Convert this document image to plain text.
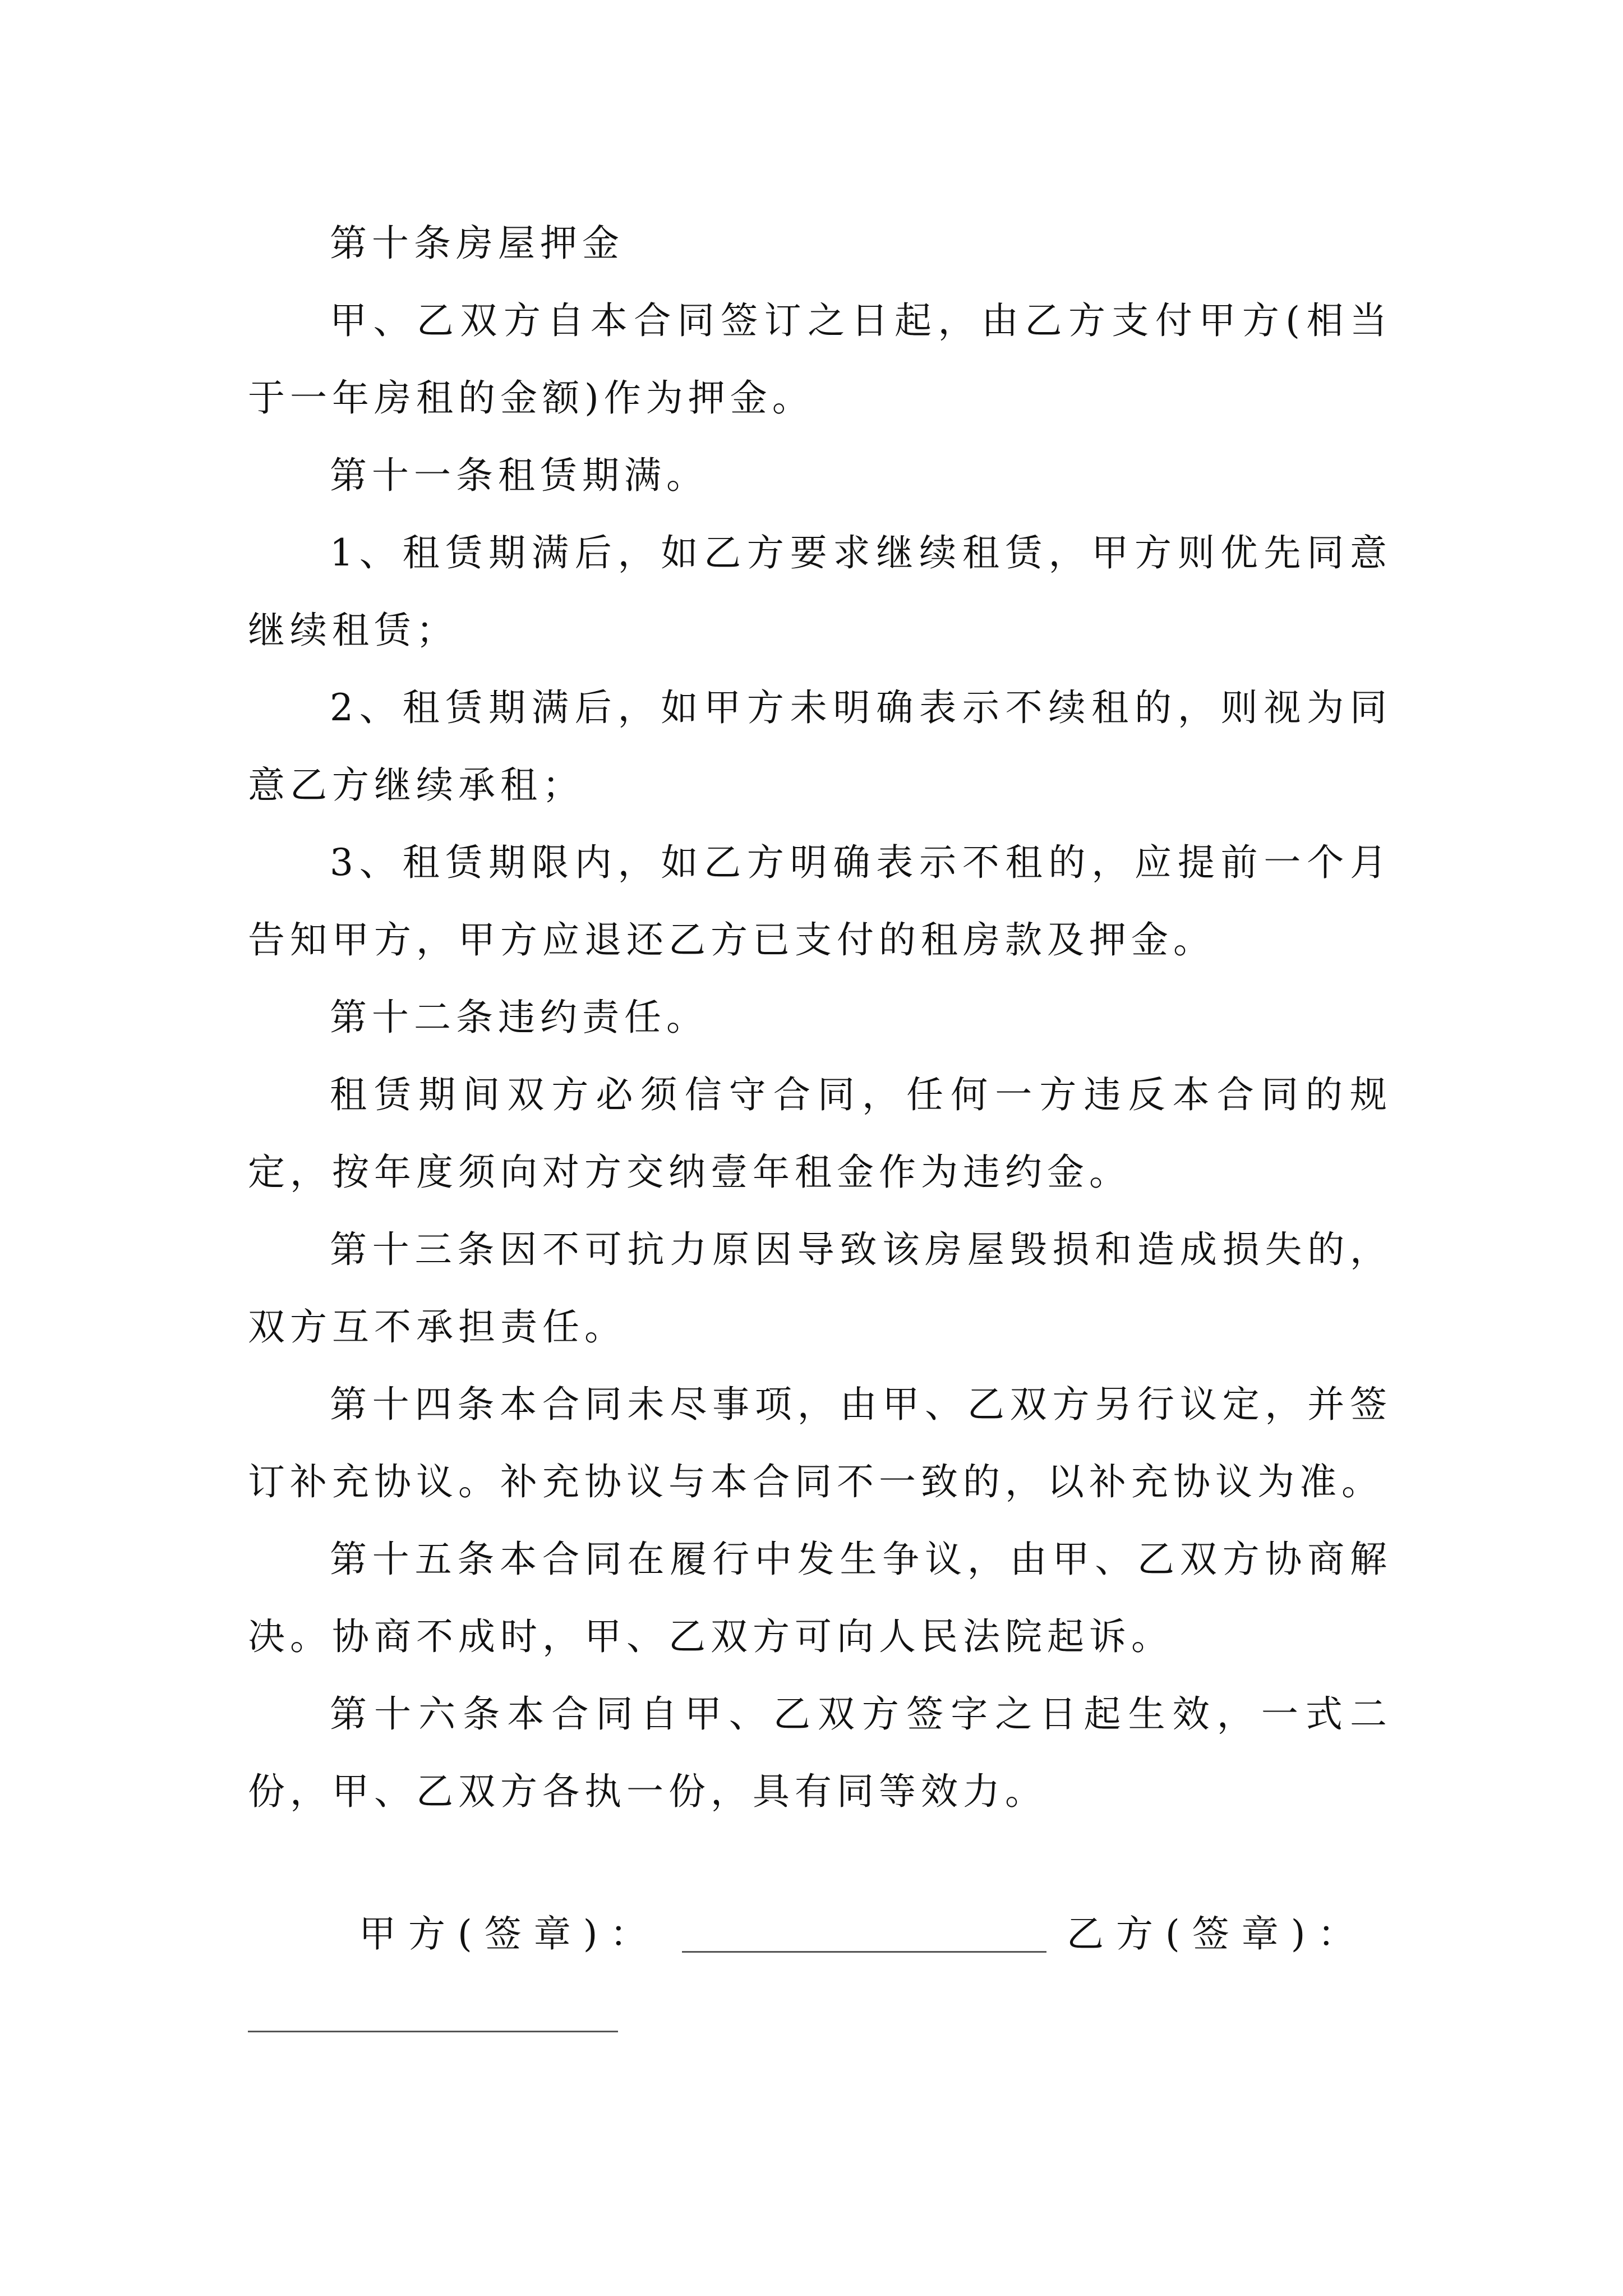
第十条房屋押金

甲、乙双方自本合同签订之日起，由乙方支付甲方(相当于一年房租的金额)作为押金。

第十一条租赁期满。

1、租赁期满后，如乙方要求继续租赁，甲方则优先同意继续租赁；

2、租赁期满后，如甲方未明确表示不续租的，则视为同意乙方继续承租；

3、租赁期限内，如乙方明确表示不租的，应提前一个月告知甲方，甲方应退还乙方已支付的租房款及押金。

第十二条违约责任。

租赁期间双方必须信守合同，任何一方违反本合同的规定，按年度须向对方交纳壹年租金作为违约金。

第十三条因不可抗力原因导致该房屋毁损和造成损失的，双方互不承担责任。

第十四条本合同未尽事项，由甲、乙双方另行议定，并签订补充协议。补充协议与本合同不一致的，以补充协议为准。

第十五条本合同在履行中发生争议，由甲、乙双方协商解决。协商不成时，甲、乙双方可向人民法院起诉。

第十六条本合同自甲、乙双方签字之日起生效，一式二份，甲、乙双方各执一份，具有同等效力。

甲方(签章)：	乙方(签章)：
